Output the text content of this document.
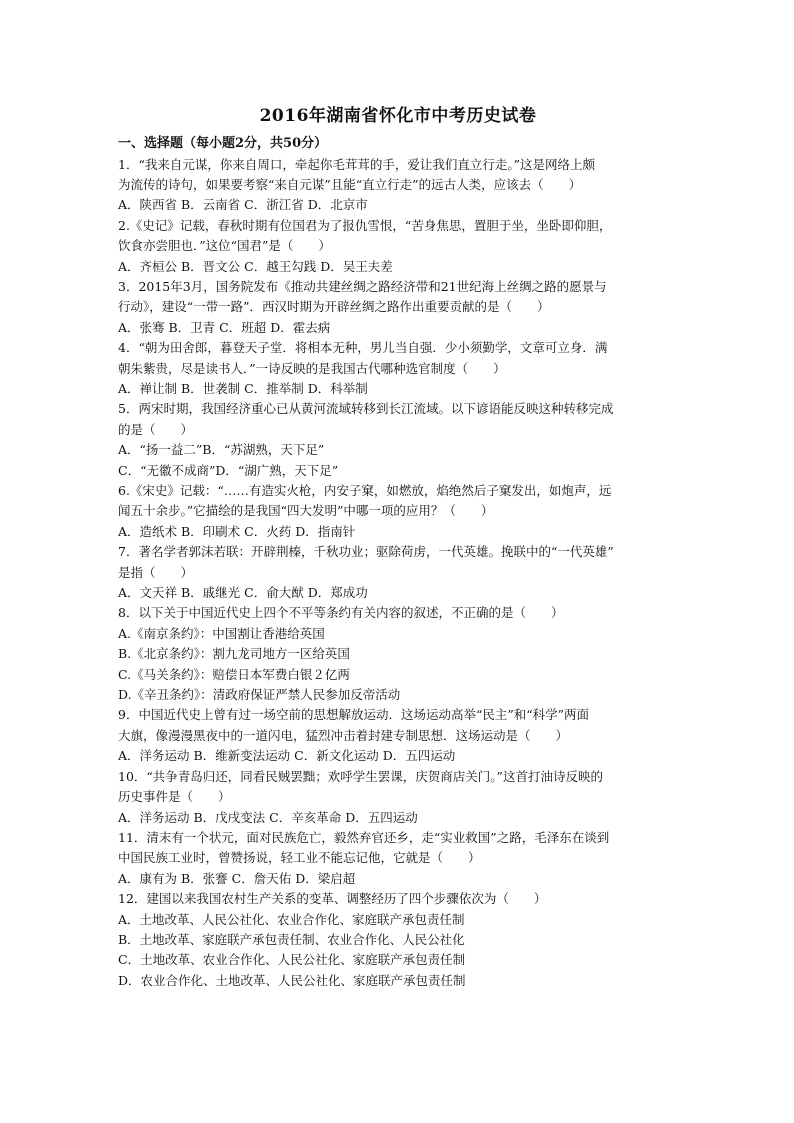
2016年湖南省怀化市中考历史试卷

一、选择题（每小题2分，共50分）

1．“我来自元谋，你来自周口，牵起你毛茸茸的手，爱让我们直立行走。”这是网络上颇

为流传的诗句，如果要考察“来自元谋”且能“直立行走”的远古人类，应该去（　　）

A．陕西省 B．云南省 C．浙江省 D．北京市

2.《史记》记载，春秋时期有位国君为了报仇雪恨，“苦身焦思，置胆于坐，坐卧即仰胆，

饮食亦尝胆也．”这位“国君”是（　　）

A．齐桓公 B．晋文公 C．越王勾践 D．吴王夫差

3．2015年3月，国务院发布《推动共建丝绸之路经济带和21世纪海上丝绸之路的愿景与

行动》，建设“一带一路”．西汉时期为开辟丝绸之路作出重要贡献的是（　　）

A．张骞 B．卫青 C．班超 D．霍去病

4．“朝为田舍郎，暮登天子堂．将相本无种，男儿当自强．少小须勤学，文章可立身．满

朝朱紫贵，尽是读书人．”一诗反映的是我国古代哪种选官制度（　　）

A．禅让制 B．世袭制 C．推举制 D．科举制

5．两宋时期，我国经济重心已从黄河流域转移到长江流域。以下谚语能反映这种转移完成

的是（　　）

A．“扬一益二”B．“苏湖熟，天下足”

C．“无徽不成商”D．“湖广熟，天下足”

6.《宋史》记载：“……有造实火枪，内安子窠，如燃放，焰绝然后子窠发出，如炮声，远

闻五十余步。”它描绘的是我国“四大发明”中哪一项的应用？（　　）

A．造纸术 B．印刷术 C．火药 D．指南针

7．著名学者郭沫若联：开辟荆榛，千秋功业；驱除荷虏，一代英雄。挽联中的“一代英雄”

是指（　　）

A．文天祥 B．戚继光 C．俞大猷 D．郑成功

8．以下关于中国近代史上四个不平等条约有关内容的叙述，不正确的是（　　）

A.《南京条约》：中国割让香港给英国

B.《北京条约》：割九龙司地方一区给英国

C.《马关条约》：赔偿日本军费白银２亿两

D.《辛丑条约》：清政府保证严禁人民参加反帝活动

9．中国近代史上曾有过一场空前的思想解放运动．这场运动高举“民主”和“科学”两面

大旗，像漫漫黑夜中的一道闪电，猛烈冲击着封建专制思想．这场运动是（　　）

A．洋务运动 B．维新变法运动 C．新文化运动 D．五四运动

10．“共争青岛归还，同看民贼罢黜；欢呼学生罢课，庆贺商店关门。”这首打油诗反映的

历史事件是（　　）

A．洋务运动 B．戊戌变法 C．辛亥革命 D．五四运动

11．清末有一个状元，面对民族危亡，毅然弃官还乡，走“实业救国”之路，毛泽东在谈到

中国民族工业时，曾赞扬说，轻工业不能忘记他，它就是（　　）

A．康有为 B．张謇 C．詹天佑 D．梁启超

12．建国以来我国农村生产关系的变革、调整经历了四个步骤依次为（　　）

A．土地改革、人民公社化、农业合作化、家庭联产承包责任制

B．土地改革、家庭联产承包责任制、农业合作化、人民公社化

C．土地改革、农业合作化、人民公社化、家庭联产承包责任制

D．农业合作化、土地改革、人民公社化、家庭联产承包责任制
